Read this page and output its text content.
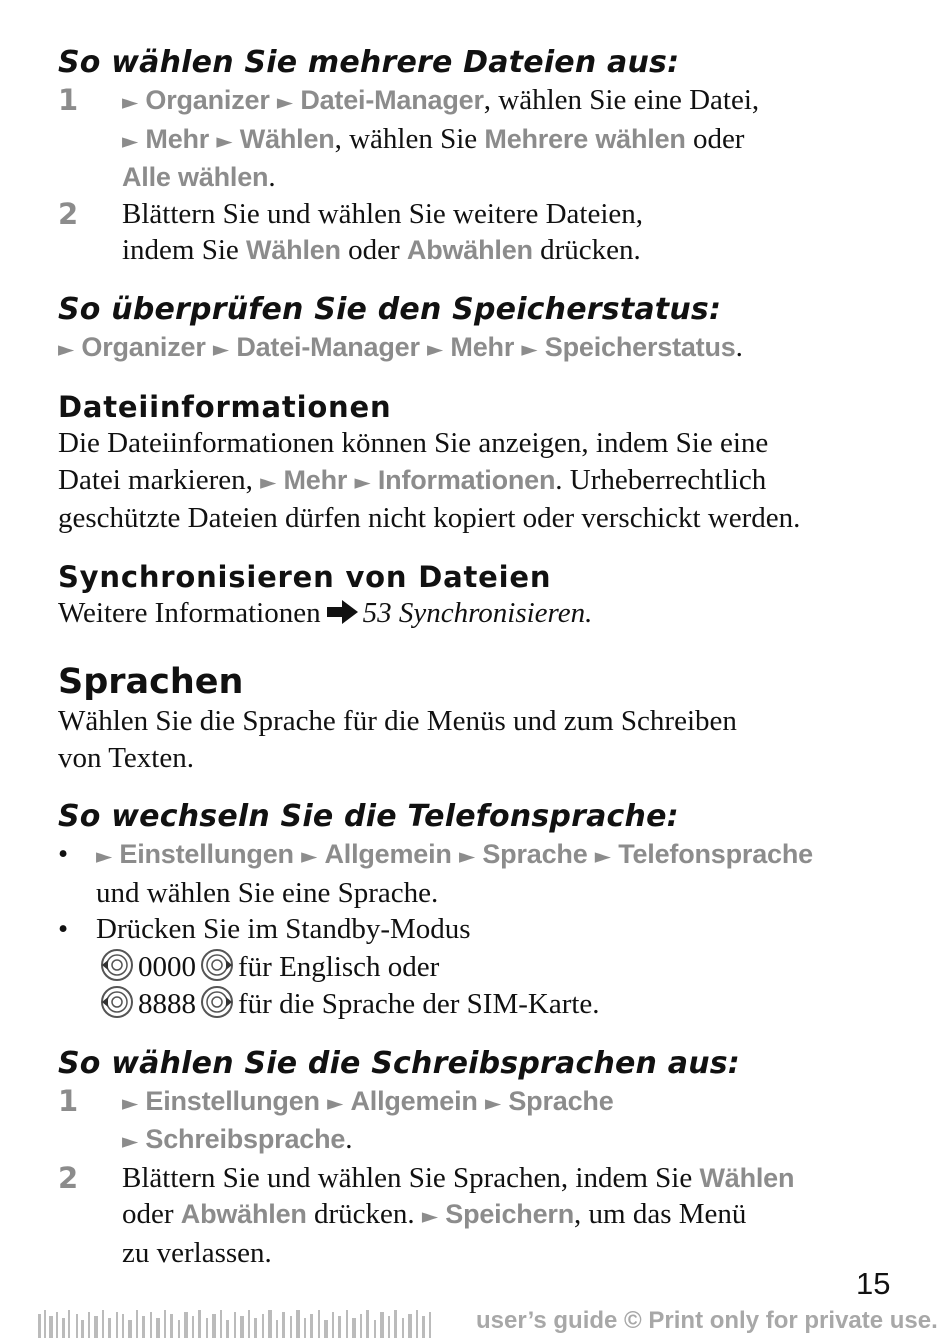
So wählen Sie mehrere Dateien aus:
1	► Organizer ► Datei-Manager, wählen Sie eine Datei,
► Mehr ► Wählen, wählen Sie Mehrere wählen oder
Alle wählen.
2	Blättern Sie und wählen Sie weitere Dateien,
indem Sie Wählen oder Abwählen drücken.
So überprüfen Sie den Speicherstatus:
► Organizer ► Datei-Manager ► Mehr ► Speicherstatus.
Dateiinformationen
Die Dateiinformationen können Sie anzeigen, indem Sie eine
Datei markieren, ► Mehr ► Informationen. Urheberrechtlich
geschützte Dateien dürfen nicht kopiert oder verschickt werden.
Synchronisieren von Dateien
Weitere Informationen 53 Synchronisieren.
Sprachen
Wählen Sie die Sprache für die Menüs und zum Schreiben
von Texten.
So wechseln Sie die Telefonsprache:
•	► Einstellungen ► Allgemein ► Sprache ► Telefonsprache
und wählen Sie eine Sprache.
• Drücken Sie im Standby-Modus
0000 für Englisch oder
8888 für die Sprache der SIM-Karte.
So wählen Sie die Schreibsprachen aus:
1	► Einstellungen ► Allgemein ► Sprache
► Schreibsprache.
2	Blättern Sie und wählen Sie Sprachen, indem Sie Wählen
oder Abwählen drücken. ► Speichern, um das Menü
zu verlassen.
15
user’s guide © Print only for private use.
